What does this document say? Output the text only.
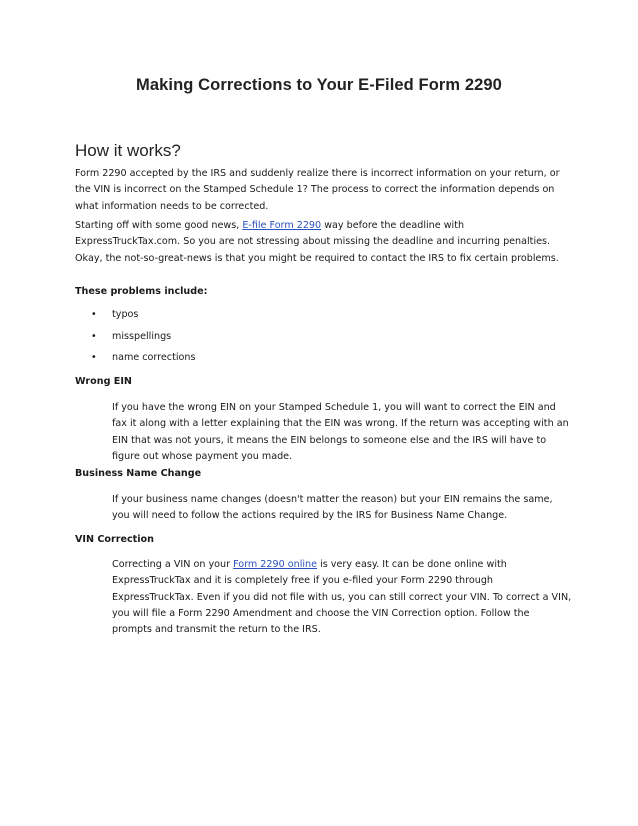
Making Corrections to Your E-Filed Form 2290
How it works?

Form 2290 accepted by the IRS and suddenly realize there is incorrect information on your return, or the VIN is incorrect on the Stamped Schedule 1? The process to correct the information depends on what information needs to be corrected.

Starting off with some good news, E-file Form 2290 way before the deadline with ExpressTruckTax.com. So you are not stressing about missing the deadline and incurring penalties. Okay, the not-so-great-news is that you might be required to contact the IRS to fix certain problems.

These problems include:

• typos
• misspellings
• name corrections

Wrong EIN

If you have the wrong EIN on your Stamped Schedule 1, you will want to correct the EIN and fax it along with a letter explaining that the EIN was wrong. If the return was accepting with an EIN that was not yours, it means the EIN belongs to someone else and the IRS will have to figure out whose payment you made.

Business Name Change

If your business name changes (doesn't matter the reason) but your EIN remains the same, you will need to follow the actions required by the IRS for Business Name Change.

VIN Correction

Correcting a VIN on your Form 2290 online is very easy. It can be done online with ExpressTruckTax and it is completely free if you e-filed your Form 2290 through ExpressTruckTax. Even if you did not file with us, you can still correct your VIN. To correct a VIN, you will file a Form 2290 Amendment and choose the VIN Correction option. Follow the prompts and transmit the return to the IRS.
